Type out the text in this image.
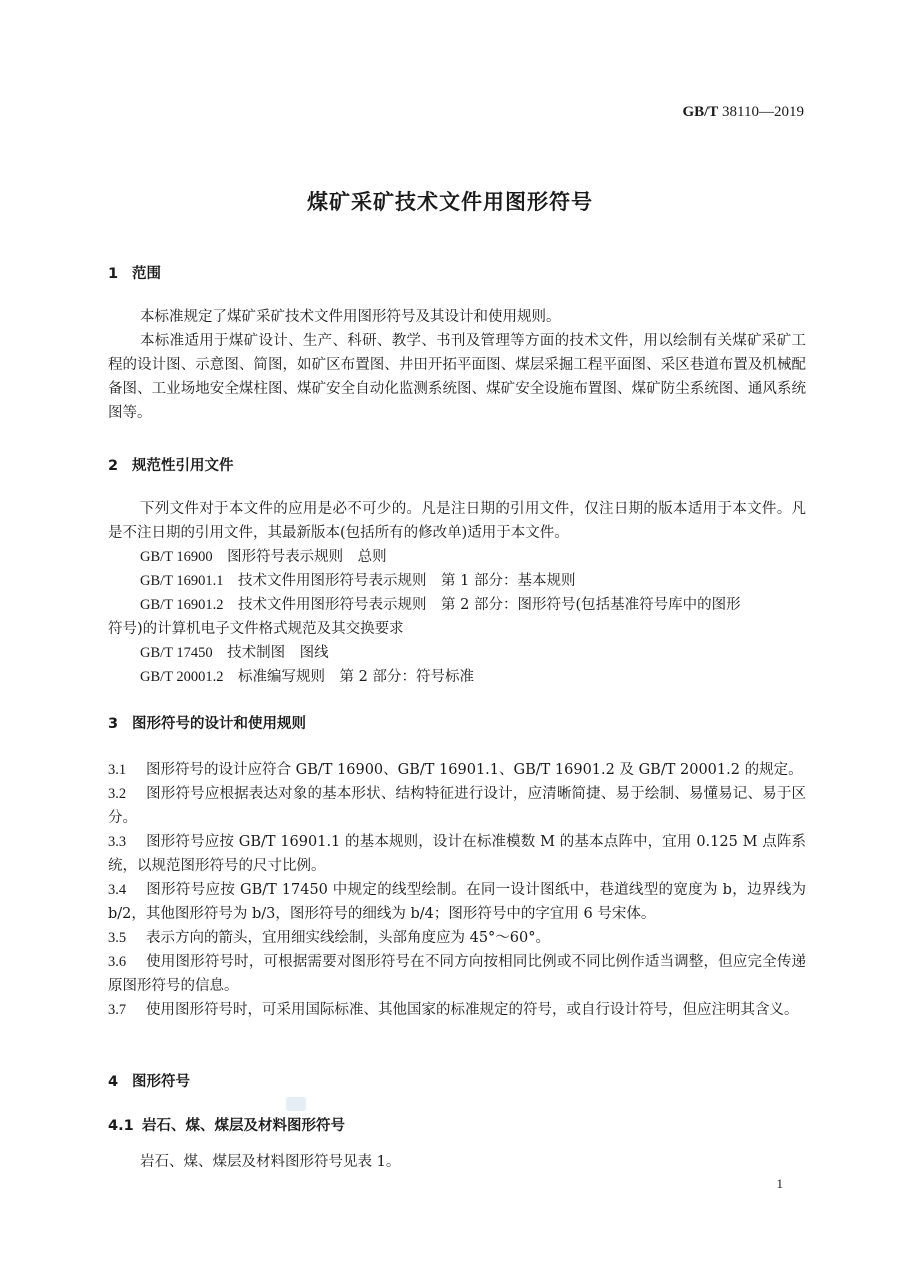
GB/T 38110—2019
煤矿采矿技术文件用图形符号
1 范围
本标准规定了煤矿采矿技术文件用图形符号及其设计和使用规则。
本标准适用于煤矿设计、生产、科研、教学、书刊及管理等方面的技术文件，用以绘制有关煤矿采矿工程的设计图、示意图、简图，如矿区布置图、井田开拓平面图、煤层采掘工程平面图、采区巷道布置及机械配备图、工业场地安全煤柱图、煤矿安全自动化监测系统图、煤矿安全设施布置图、煤矿防尘系统图、通风系统图等。
2 规范性引用文件
下列文件对于本文件的应用是必不可少的。凡是注日期的引用文件，仅注日期的版本适用于本文件。凡是不注日期的引用文件，其最新版本(包括所有的修改单)适用于本文件。
GB/T 16900　 图形符号表示规则　总则
GB/T 16901.1　 技术文件用图形符号表示规则　第 1 部分：基本规则
GB/T 16901.2　 技术文件用图形符号表示规则　第 2 部分：图形符号(包括基准符号库中的图形
符号)的计算机电子文件格式规范及其交换要求
GB/T 17450　 技术制图　图线
GB/T 20001.2　 标准编写规则　第 2 部分：符号标准
3 图形符号的设计和使用规则
3.1 图形符号的设计应符合 GB/T 16900、GB/T 16901.1、GB/T 16901.2 及 GB/T 20001.2 的规定。
3.2 图形符号应根据表达对象的基本形状、结构特征进行设计，应清晰简捷、易于绘制、易懂易记、易于区分。
3.3 图形符号应按 GB/T 16901.1 的基本规则，设计在标准模数 M 的基本点阵中，宜用 0.125 M 点阵系统，以规范图形符号的尺寸比例。
3.4 图形符号应按 GB/T 17450 中规定的线型绘制。在同一设计图纸中，巷道线型的宽度为 b，边界线为 b/2，其他图形符号为 b/3，图形符号的细线为 b/4；图形符号中的字宜用 6 号宋体。
3.5 表示方向的箭头，宜用细实线绘制，头部角度应为 45°～60°。
3.6 使用图形符号时，可根据需要对图形符号在不同方向按相同比例或不同比例作适当调整，但应完全传递原图形符号的信息。
3.7 使用图形符号时，可采用国际标准、其他国家的标准规定的符号，或自行设计符号，但应注明其含义。
4 图形符号
4.1 岩石、煤、煤层及材料图形符号
岩石、煤、煤层及材料图形符号见表 1。
1
